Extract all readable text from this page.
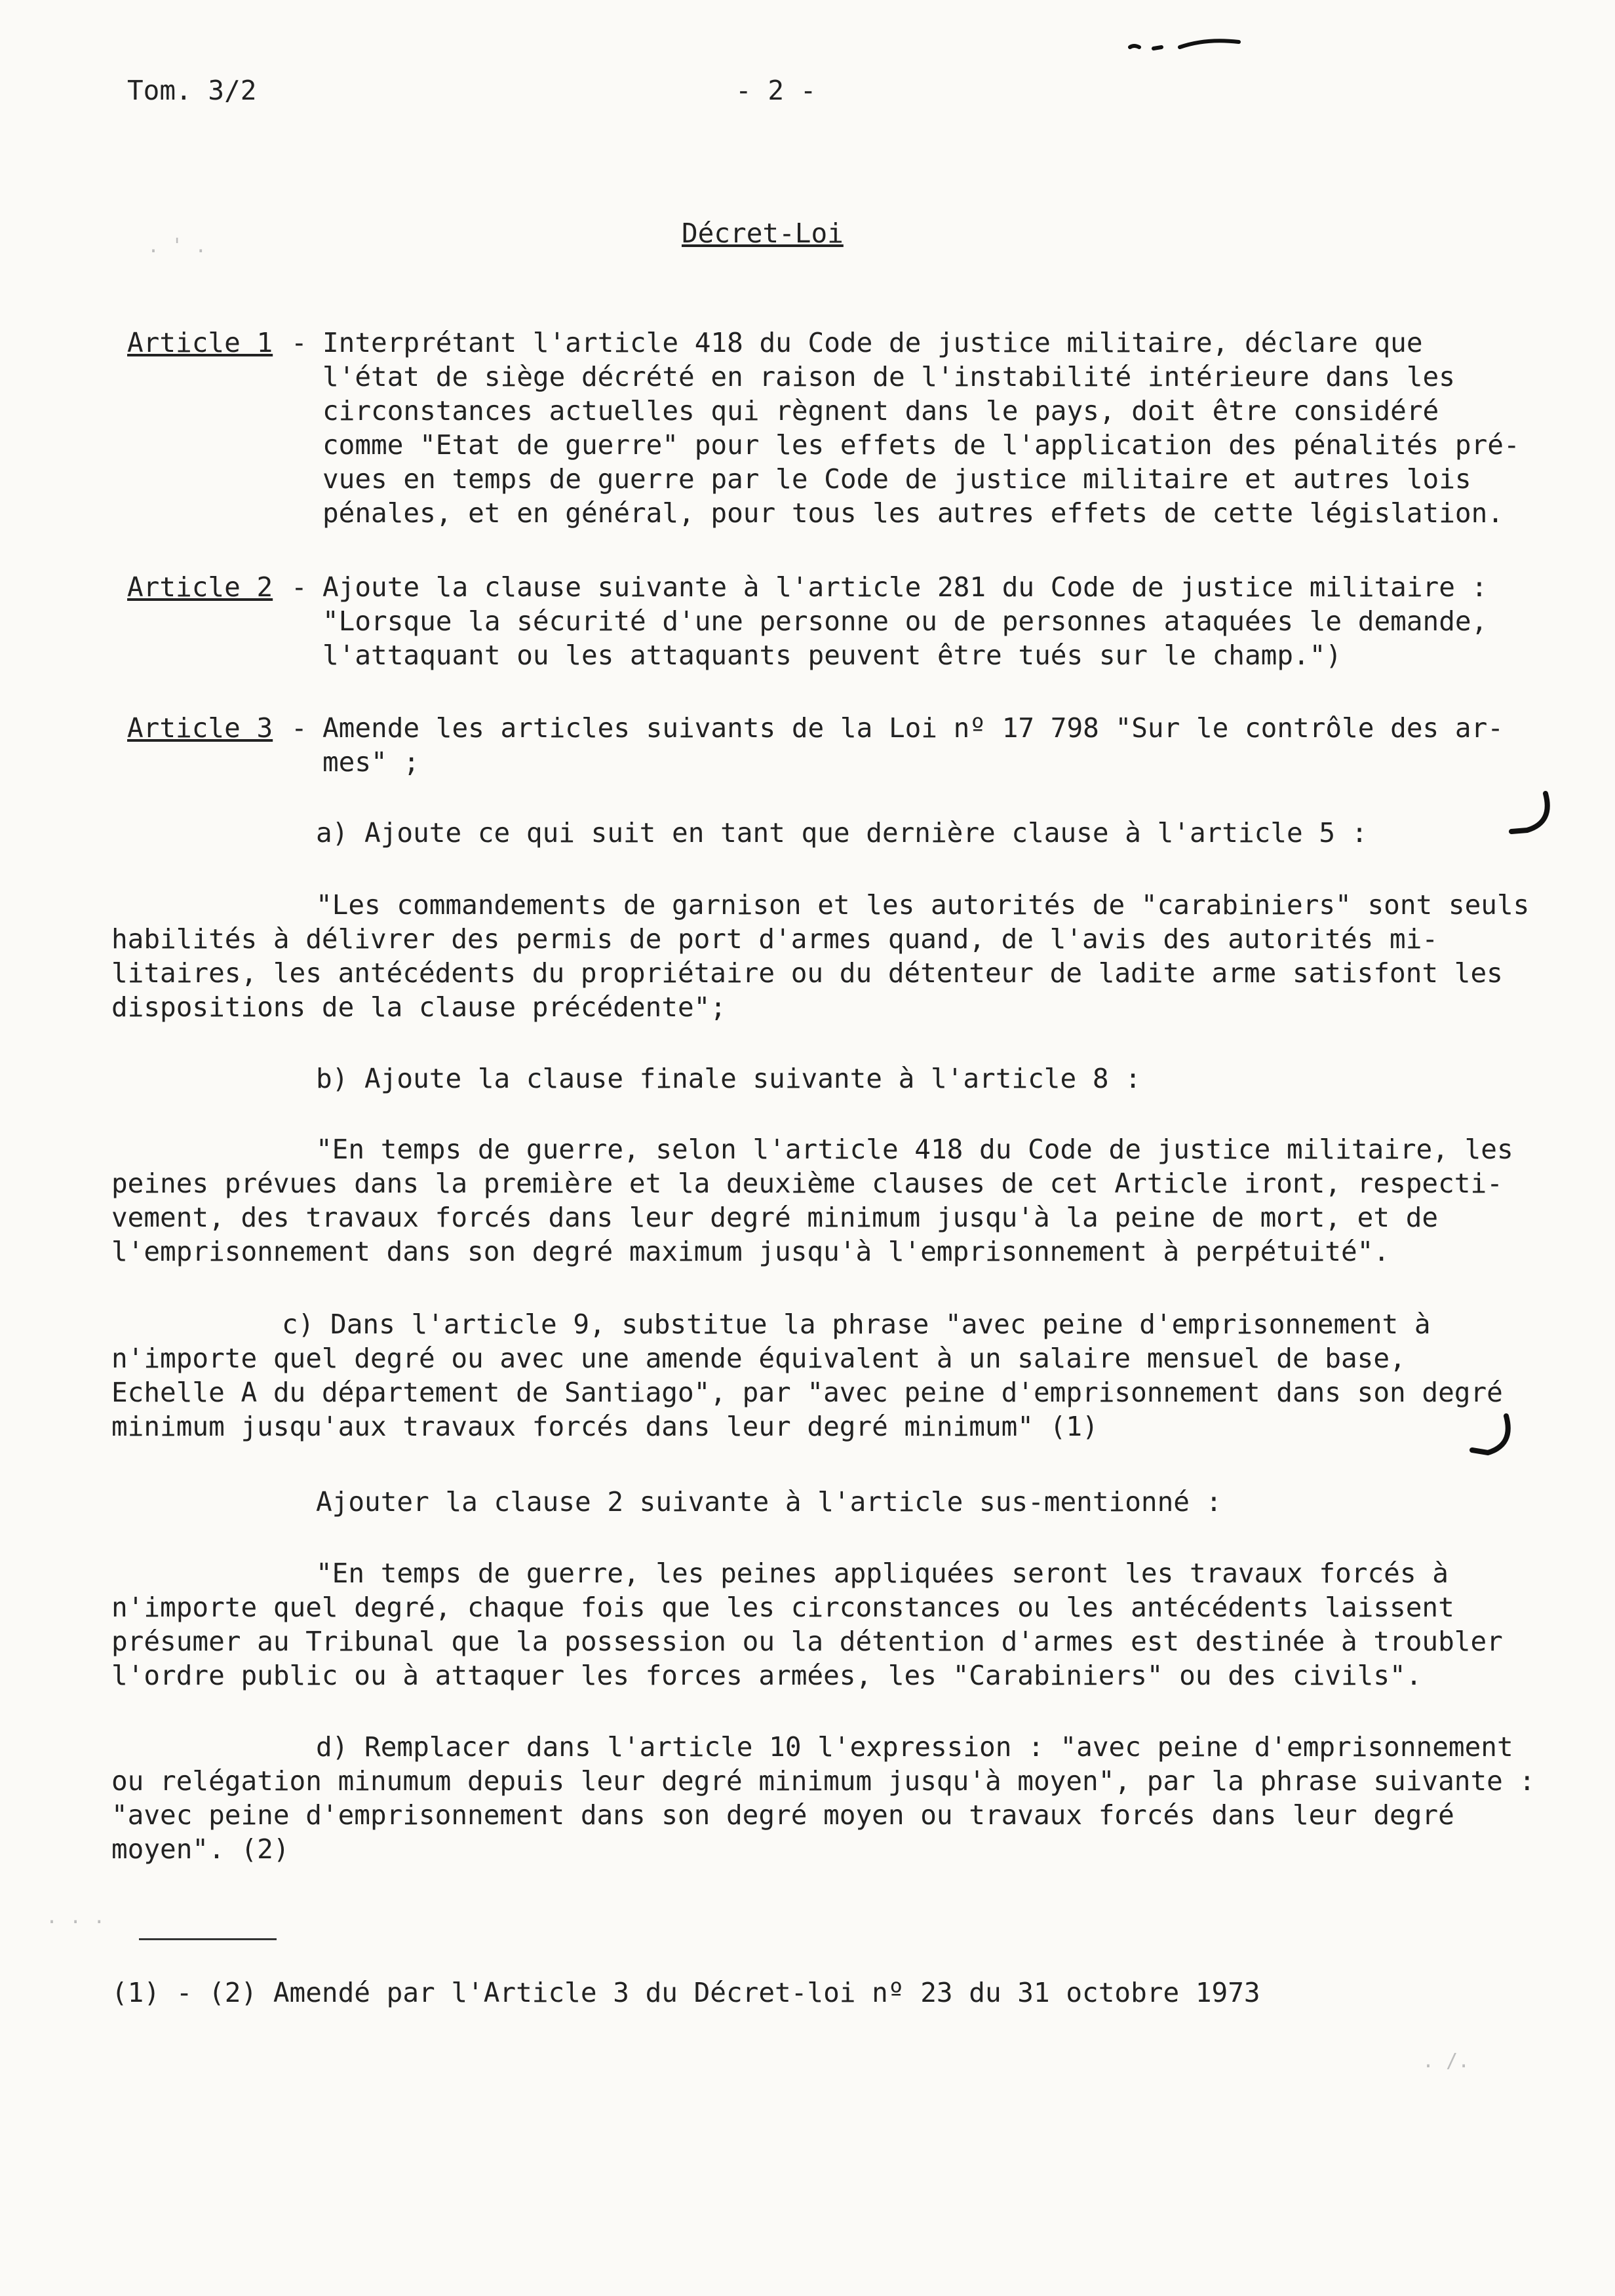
Tom. 3/2	- 2 -
Décret-Loi
Article 1 - Interprétant l'article 418 du Code de justice militaire, déclare que

l'état de siège décrété en raison de l'instabilité intérieure dans les

circonstances actuelles qui règnent dans le pays, doit être considéré

comme "Etat de guerre" pour les effets de l'application des pénalités pré-

vues en temps de guerre par le Code de justice militaire et autres lois

pénales, et en général, pour tous les autres effets de cette législation.

Article 2 - Ajoute la clause suivante à l'article 281 du Code de justice militaire :

"Lorsque la sécurité d'une personne ou de personnes ataquées le demande,

l'attaquant ou les attaquants peuvent être tués sur le champ.")

Article 3 - Amende les articles suivants de la Loi nº 17 798 "Sur le contrôle des ar-

mes" ;

a) Ajoute ce qui suit en tant que dernière clause à l'article 5 :

"Les commandements de garnison et les autorités de "carabiniers" sont seuls

habilités à délivrer des permis de port d'armes quand, de l'avis des autorités mi-

litaires, les antécédents du propriétaire ou du détenteur de ladite arme satisfont les

dispositions de la clause précédente";

b) Ajoute la clause finale suivante à l'article 8 :

"En temps de guerre, selon l'article 418 du Code de justice militaire, les

peines prévues dans la première et la deuxième clauses de cet Article iront, respecti-

vement, des travaux forcés dans leur degré minimum jusqu'à la peine de mort, et de

l'emprisonnement dans son degré maximum jusqu'à l'emprisonnement à perpétuité".

c) Dans l'article 9, substitue la phrase "avec peine d'emprisonnement à

n'importe quel degré ou avec une amende équivalent à un salaire mensuel de base,

Echelle A du département de Santiago", par "avec peine d'emprisonnement dans son degré

minimum jusqu'aux travaux forcés dans leur degré minimum" (1)

Ajouter la clause 2 suivante à l'article sus-mentionné :

"En temps de guerre, les peines appliquées seront les travaux forcés à

n'importe quel degré, chaque fois que les circonstances ou les antécédents laissent

présumer au Tribunal que la possession ou la détention d'armes est destinée à troubler

l'ordre public ou à attaquer les forces armées, les "Carabiniers" ou des civils".

d) Remplacer dans l'article 10 l'expression : "avec peine d'emprisonnement

ou relégation minumum depuis leur degré minimum jusqu'à moyen", par la phrase suivante :

"avec peine d'emprisonnement dans son degré moyen ou travaux forcés dans leur degré

moyen". (2)

(1) - (2) Amendé par l'Article 3 du Décret-loi nº 23 du 31 octobre 1973
. ' .
. /.
. . .
